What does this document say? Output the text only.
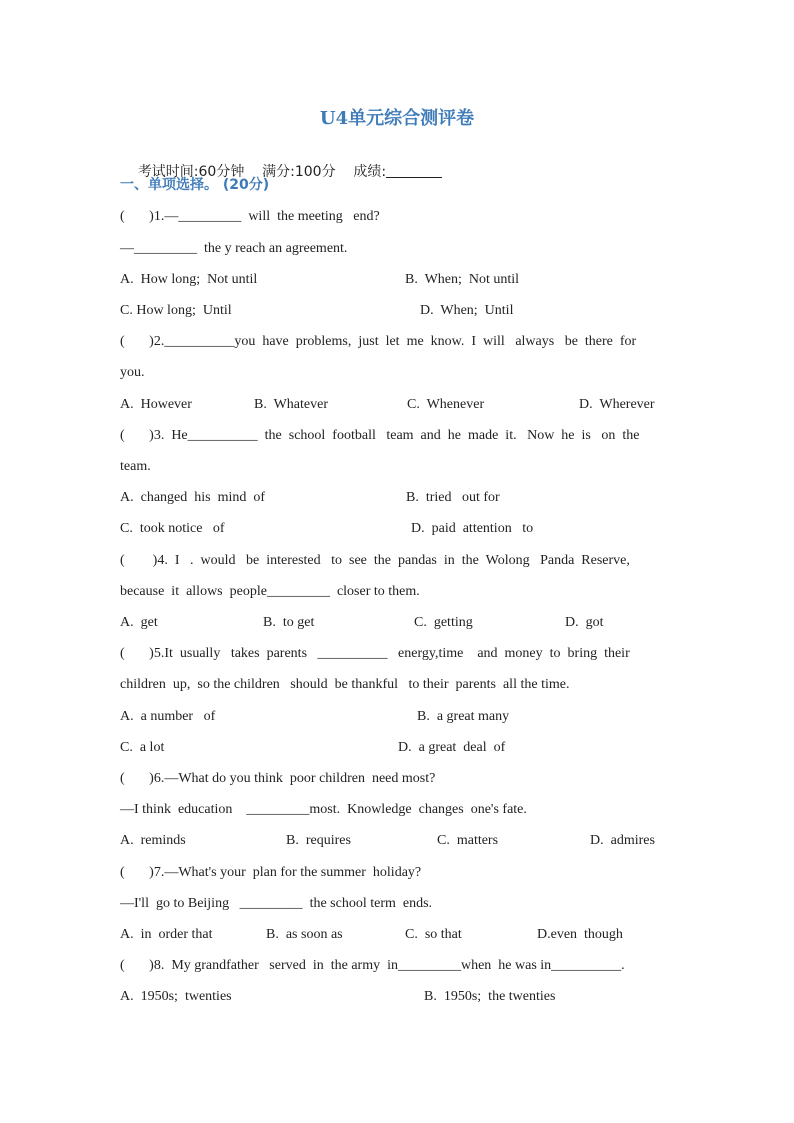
U4单元综合测评卷

考试时间:60分钟 满分:100分 成绩:

一、单项选择。 (20分)
(       )1.—_________  will  the meeting   end?
—_________  the y reach an agreement.
A.  How long;  Not until	B.  When;  Not until
C. How long;  Until	D.  When;  Until
(       )2.__________you  have  problems,  just  let  me  know.  I  will   always   be  there  for
you.
A.  However	B.  Whatever	C.  Whenever	D.  Wherever
(       )3.  He__________  the  school  football   team  and  he  made  it.   Now  he  is   on  the
team.
A.  changed  his  mind  of	B.  tried   out for
C.  took notice   of	D.  paid  attention   to
(        )4.  I   .  would   be  interested   to  see  the  pandas  in  the  Wolong   Panda  Reserve,
because  it  allows  people_________  closer to them.
A.  get	B.  to get	C.  getting	D.  got
(       )5.It  usually   takes  parents   __________   energy,time    and  money  to  bring  their
children  up,  so the children   should  be thankful   to their  parents  all the time.
A.  a number   of	B.  a great many
C.  a lot	D.  a great  deal  of
(       )6.—What do you think  poor children  need most?
—I think  education    _________most.  Knowledge  changes  one's fate.
A.  reminds	B.  requires	C.  matters	D.  admires
(       )7.—What's your  plan for the summer  holiday?
—I'll  go to Beijing   _________  the school term  ends.
A.  in  order that	B.  as soon as	C.  so that	D.even  though
(       )8.  My grandfather   served  in  the army  in_________when  he was in__________.
A.  1950s;  twenties	B.  1950s;  the twenties
